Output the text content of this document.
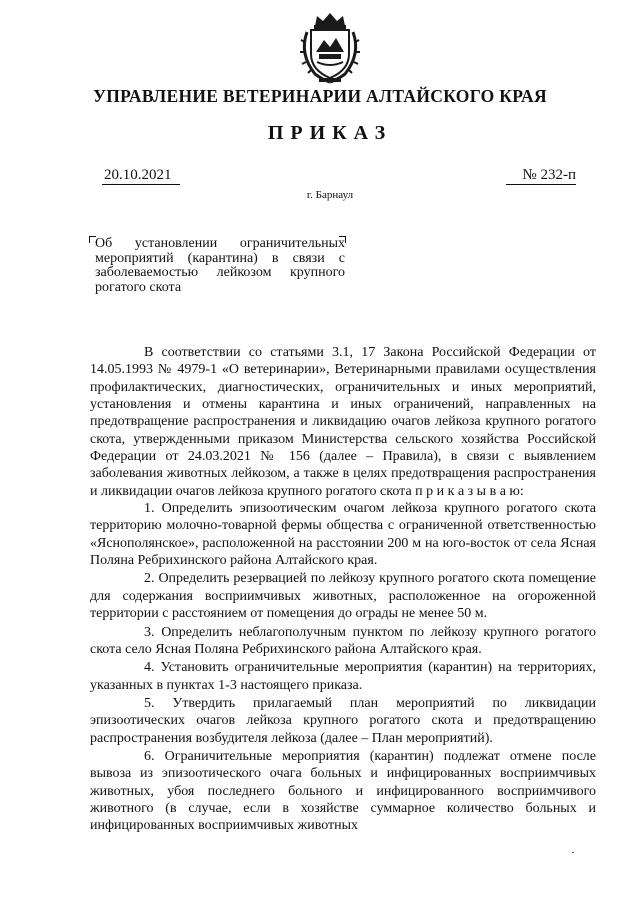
УПРАВЛЕНИЕ ВЕТЕРИНАРИИ АЛТАЙСКОГО КРАЯ
ПРИКАЗ
20.10.2021	№ 232-п
г. Барнаул
Об установлении ограничительных мероприятий (карантина) в связи с заболеваемостью лейкозом крупного рогатого скота

В соответствии со статьями 3.1, 17 Закона Российской Федерации от 14.05.1993 № 4979-1 «О ветеринарии», Ветеринарными правилами осуществления профилактических, диагностических, ограничительных и иных мероприятий, установления и отмены карантина и иных ограничений, направленных на предотвращение распространения и ликвидацию очагов лейкоза крупного рогатого скота, утвержденными приказом Министерства сельского хозяйства Российской Федерации от 24.03.2021 № 156 (далее – Правила), в связи с выявлением заболевания животных лейкозом, а также в целях предотвращения распространения и ликвидации очагов лейкоза крупного рогатого скота п р и к а з ы в а ю:

1. Определить эпизоотическим очагом лейкоза крупного рогатого скота территорию молочно-товарной фермы общества с ограниченной ответственностью «Яснополянское», расположенной на расстоянии 200 м на юго-восток от села Ясная Поляна Ребрихинского района Алтайского края.

2. Определить резервацией по лейкозу крупного рогатого скота помещение для содержания восприимчивых животных, расположенное на огороженной территории с расстоянием от помещения до ограды не менее 50 м.

3. Определить неблагополучным пунктом по лейкозу крупного рогатого скота село Ясная Поляна Ребрихинского района Алтайского края.

4. Установить ограничительные мероприятия (карантин) на территориях, указанных в пунктах 1-3 настоящего приказа.

5. Утвердить прилагаемый план мероприятий по ликвидации эпизоотических очагов лейкоза крупного рогатого скота и предотвращению распространения возбудителя лейкоза (далее – План мероприятий).

6. Ограничительные мероприятия (карантин) подлежат отмене после вывоза из эпизоотического очага больных и инфицированных восприимчивых животных, убоя последнего больного и инфицированного восприимчивого животного (в случае, если в хозяйстве суммарное количество больных и инфицированных восприимчивых животных
